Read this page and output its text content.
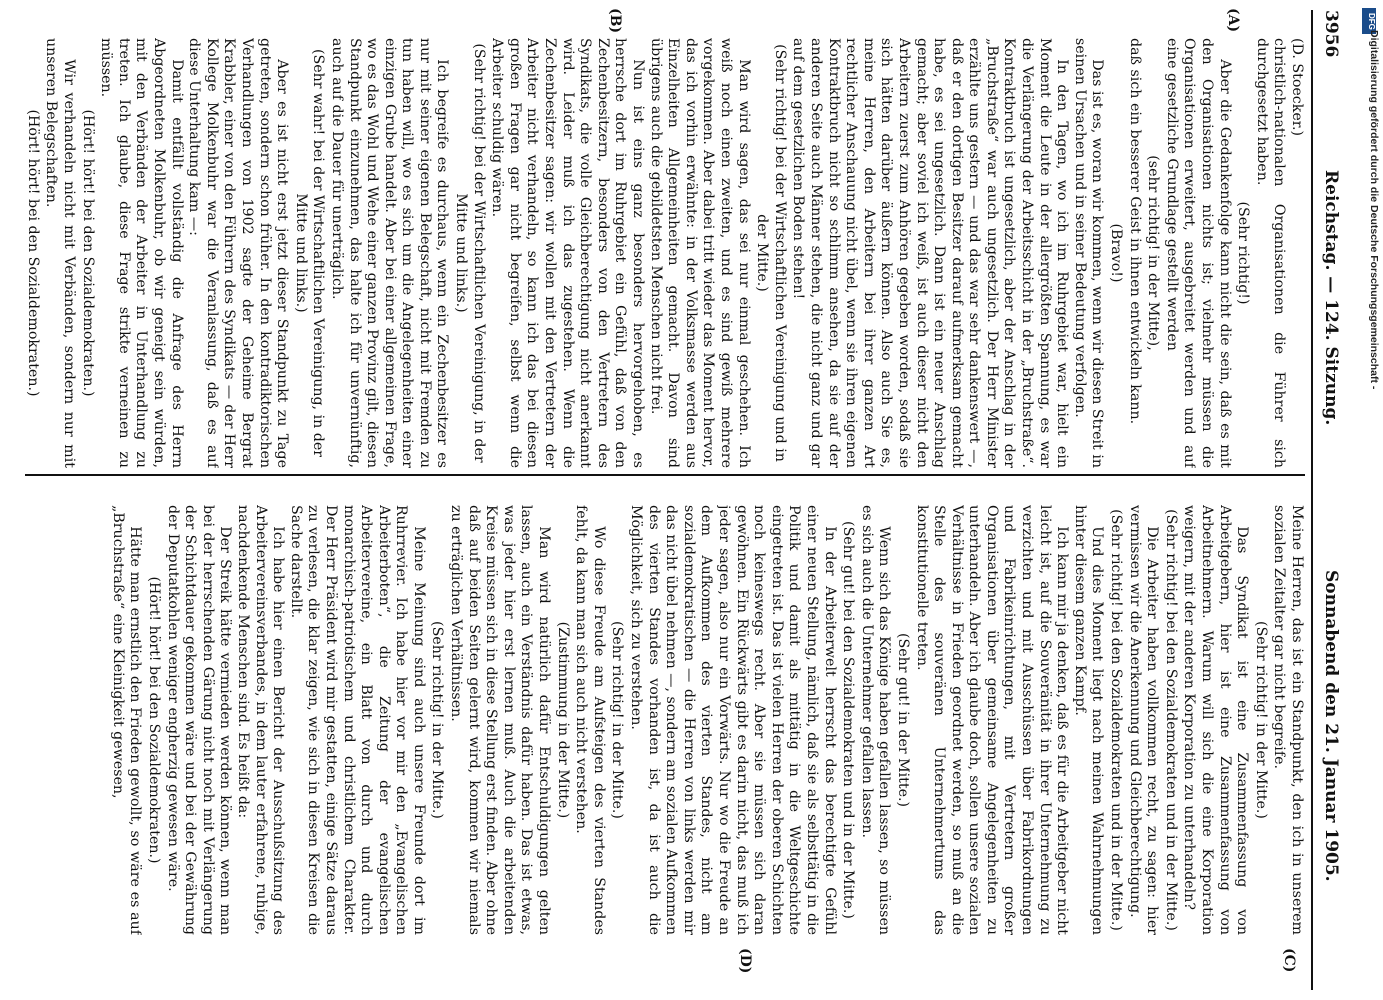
3956
Reichstag. — 124. Sitzung.
Sonnabend den 21. Januar 1905.
(A)
(B)
(C)
(D)

(D. Stoecker.)

christlich-nationalen Organisationen die Führer sich durchgesetzt haben.

(Sehr richtig!)

Aber die Gedankenfolge kann nicht die sein, daß es mit den Organisationen nichts ist; vielmehr müssen die Organisationen erweitert, ausgebreitet werden und auf eine gesetzliche Grundlage gestellt werden

(sehr richtig! in der Mitte),

daß sich ein besserer Geist in ihnen entwickeln kann.

(Bravo!)

Das ist es, woran wir kommen, wenn wir diesen Streit in seinen Ursachen und in seiner Bedeutung verfolgen.

In den Tagen, wo ich im Ruhrgebiet war, hielt ein Moment die Leute in der allergrößten Spannung, es war die Verlängerung der Arbeitsschicht in der „Bruchstraße“. Kontraktbruch ist ungesetzlich, aber der Anschlag in der „Bruchstraße“ war auch ungesetzlich. Der Herr Minister erzählte uns gestern — und das war sehr dankenswert —, daß er den dortigen Besitzer darauf aufmerksam gemacht habe, es sei ungesetzlich. Dann ist ein neuer Anschlag gemacht; aber soviel ich weiß, ist auch dieser nicht den Arbeitern zuerst zum Anhören gegeben worden, sodaß sie sich hätten darüber äußern können. Also auch Sie es, meine Herren, den Arbeitern bei ihrer ganzen Art rechtlicher Anschauung nicht übel, wenn sie ihren eigenen Kontraktbruch nicht so schlimm ansehen, da sie auf der anderen Seite auch Männer stehen, die nicht ganz und gar auf dem gesetzlichen Boden stehen!

(Sehr richtig! bei der Wirtschaftlichen Vereinigung und in der Mitte.)

Man wird sagen, das sei nur einmal geschehen. Ich weiß noch einen zweiten, und es sind gewiß mehrere vorgekommen. Aber dabei tritt wieder das Moment hervor, das ich vorhin erwähnte: in der Volksmasse werden aus Einzelheiten Allgemeinheiten gemacht. Davon sind übrigens auch die gebildetsten Menschen nicht frei.

Nun ist eins ganz besonders hervorgehoben, es herrsche dort im Ruhrgebiet ein Gefühl, daß von den Zechenbesitzern, besonders von den Vertretern des Syndikats, die volle Gleichberechtigung nicht anerkannt wird. Leider muß ich das zugestehen. Wenn die Zechenbesitzer sagen: wir wollen mit den Vertretern der Arbeiter nicht verhandeln, so kann ich das bei diesen großen Fragen gar nicht begreifen, selbst wenn die Arbeiter schuldig wären.

(Sehr richtig! bei der Wirtschaftlichen Vereinigung, in der Mitte und links.)

Ich begreife es durchaus, wenn ein Zechenbesitzer es nur mit seiner eigenen Belegschaft, nicht mit Fremden zu tun haben will, wo es sich um die Angelegenheiten einer einzigen Grube handelt. Aber bei einer allgemeinen Frage, wo es das Wohl und Wehe einer ganzen Provinz gilt, diesen Standpunkt einzunehmen, das halte ich für unvernünftig, auch auf die Dauer für unerträglich.

(Sehr wahr! bei der Wirtschaftlichen Vereinigung, in der Mitte und links.)

Aber es ist nicht erst jetzt dieser Standpunkt zu Tage getreten, sondern schon früher. In den kontradiktorischen Verhandlungen von 1902 sagte der Geheime Bergrat Krabbler, einer von den Führern des Syndikats — der Herr Kollege Molkenbuhr war die Veranlassung, daß es auf diese Unterhaltung kam —:

Damit entfällt vollständig die Anfrage des Herrn Abgeordneten Molkenbuhr, ob wir geneigt sein würden, mit den Verbänden der Arbeiter in Unterhandlung zu treten. Ich glaube, diese Frage strikte verneinen zu müssen.

(Hört! hört! bei den Sozialdemokraten.)

Wir verhandeln nicht mit Verbänden, sondern nur mit unseren Belegschaften.

(Hört! hört! bei den Sozialdemokraten.)

Meine Herren, das ist ein Standpunkt, den ich in unserem sozialen Zeitalter gar nicht begreife.

(Sehr richtig! in der Mitte.)

Das Syndikat ist eine Zusammenfassung von Arbeitgebern, hier ist eine Zusammenfassung von Arbeitnehmern. Warum will sich die eine Korporation weigern, mit der anderen Korporation zu unterhandeln?

(Sehr richtig! bei den Sozialdemokraten und in der Mitte.)

Die Arbeiter haben vollkommen recht, zu sagen: hier vermissen wir die Anerkennung und Gleichberechtigung.

(Sehr richtig! bei den Sozialdemokraten und in der Mitte.)

Und dies Moment liegt nach meinen Wahrnehmungen hinter diesem ganzen Kampf.

Ich kann mir ja denken, daß es für die Arbeitgeber nicht leicht ist, auf die Souveränität in ihrer Unternehmung zu verzichten und mit Ausschüssen über Fabrikordnungen und Fabrikeinrichtungen, mit Vertretern großer Organisationen über gemeinsame Angelegenheiten zu unterhandeln. Aber ich glaube doch, sollen unsere sozialen Verhältnisse in Frieden geordnet werden, so muß an die Stelle des souveränen Unternehmertums das konstitutionelle treten.

(Sehr gut! in der Mitte.)

Wenn sich das Könige haben gefallen lassen, so müssen es sich auch die Unternehmer gefallen lassen.

(Sehr gut! bei den Sozialdemokraten und in der Mitte.)

In der Arbeiterwelt herrscht das berechtigte Gefühl einer neuen Stellung, nämlich, daß sie als selbsttätig in die Politik und damit als mittätig in die Weltgeschichte eingetreten ist. Das ist vielen Herren der oberen Schichten noch keineswegs recht. Aber sie müssen sich daran gewöhnen. Ein Rückwärts gibt es darin nicht, das muß ich jeder sagen, also nur ein Vorwärts. Nur wo die Freude an dem Aufkommen des vierten Standes, nicht am sozialdemokratischen — die Herren von links werden mir das nicht übel nehmen —, sondern am sozialen Aufkommen des vierten Standes vorhanden ist, da ist auch die Möglichkeit, sich zu verstehen.

(Sehr richtig! in der Mitte.)

Wo diese Freude am Aufsteigen des vierten Standes fehlt, da kann man sich auch nicht verstehen.

(Zustimmung in der Mitte.)

Man wird natürlich dafür Entschuldigungen gelten lassen, auch ein Verständnis dafür haben. Das ist etwas, was jeder hier erst lernen muß. Auch die arbeitenden Kreise müssen sich in diese Stellung erst finden. Aber ohne daß auf beiden Seiten gelernt wird, kommen wir niemals zu erträglichen Verhältnissen.

(Sehr richtig! in der Mitte.)

Meine Meinung sind auch unsere Freunde dort im Ruhrrevier. Ich habe hier vor mir den „Evangelischen Arbeiterboten“, die Zeitung der evangelischen Arbeitervereine, ein Blatt von durch und durch monarchisch-patriotischem und christlichem Charakter. Der Herr Präsident wird mir gestatten, einige Sätze daraus zu verlesen, die klar zeigen, wie sich in diesen Kreisen die Sache darstellt.

Ich habe hier einen Bericht der Ausschußsitzung des Arbeitervereinsverbandes, in dem lauter erfahrene, ruhige, nachdenkende Menschen sind. Es heißt da:

Der Streik hätte vermieden werden können, wenn man bei der herrschenden Gärung nicht noch mit Verlängerung der Schichtdauer gekommen wäre und bei der Gewährung der Deputatkohlen weniger engherzig gewesen wäre.

(Hört! hört! bei den Sozialdemokraten.)

Hätte man ernstlich den Frieden gewollt, so wäre es auf „Bruchstraße“ eine Kleinigkeit gewesen,

DFG
Digitalisierung gefördert durch die Deutsche Forschungsgemeinschaft -
